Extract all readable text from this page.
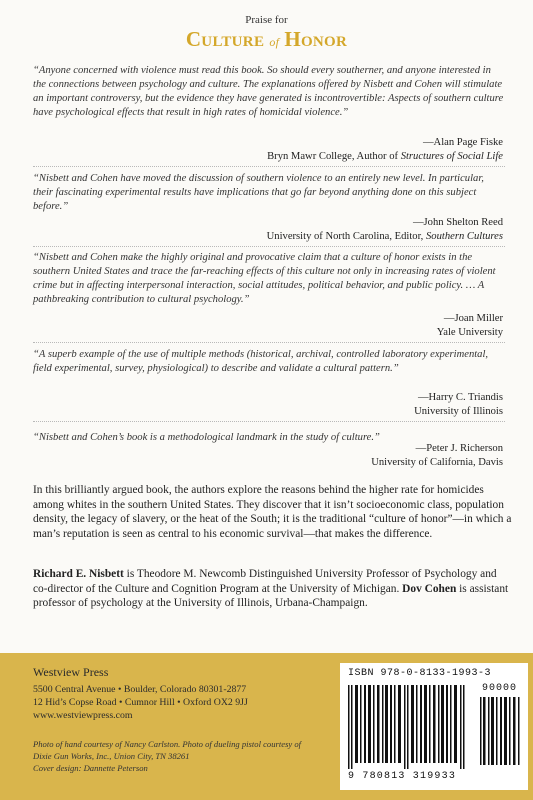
Praise for
Culture of Honor
“Anyone concerned with violence must read this book. So should every southerner, and anyone interested in the connections between psychology and culture. The explanations offered by Nisbett and Cohen will stimulate an important controversy, but the evidence they have generated is incontrovertible: Aspects of southern culture have psychological effects that result in high rates of homicidal violence.”
—Alan Page Fiske
Bryn Mawr College, Author of Structures of Social Life
“Nisbett and Cohen have moved the discussion of southern violence to an entirely new level. In particular, their fascinating experimental results have implications that go far beyond anything done on this subject before.”
—John Shelton Reed
University of North Carolina, Editor, Southern Cultures
“Nisbett and Cohen make the highly original and provocative claim that a culture of honor exists in the southern United States and trace the far-reaching effects of this culture not only in increasing rates of violent crime but in affecting interpersonal interaction, social attitudes, political behavior, and public policy. … A pathbreaking contribution to cultural psychology.”
—Joan Miller
Yale University
“A superb example of the use of multiple methods (historical, archival, controlled laboratory experimental, field experimental, survey, physiological) to describe and validate a cultural pattern.”
—Harry C. Triandis
University of Illinois
“Nisbett and Cohen’s book is a methodological landmark in the study of culture.”
—Peter J. Richerson
University of California, Davis
In this brilliantly argued book, the authors explore the reasons behind the higher rate for homicides among whites in the southern United States. They discover that it isn’t socioeconomic class, population density, the legacy of slavery, or the heat of the South; it is the traditional “culture of honor”—in which a man’s reputation is seen as central to his economic survival—that makes the difference.
Richard E. Nisbett is Theodore M. Newcomb Distinguished University Professor of Psychology and co-director of the Culture and Cognition Program at the University of Michigan. Dov Cohen is assistant professor of psychology at the University of Illinois, Urbana-Champaign.
Westview Press
5500 Central Avenue • Boulder, Colorado 80301-2877
12 Hid’s Copse Road • Cumnor Hill • Oxford OX2 9JJ
www.westviewpress.com
Photo of hand courtesy of Nancy Carlston. Photo of dueling pistol courtesy of Dixie Gun Works, Inc., Union City, TN 38261
Cover design: Dannette Peterson
ISBN 978-0-8133-1993-3
90000
9 780813 319933
